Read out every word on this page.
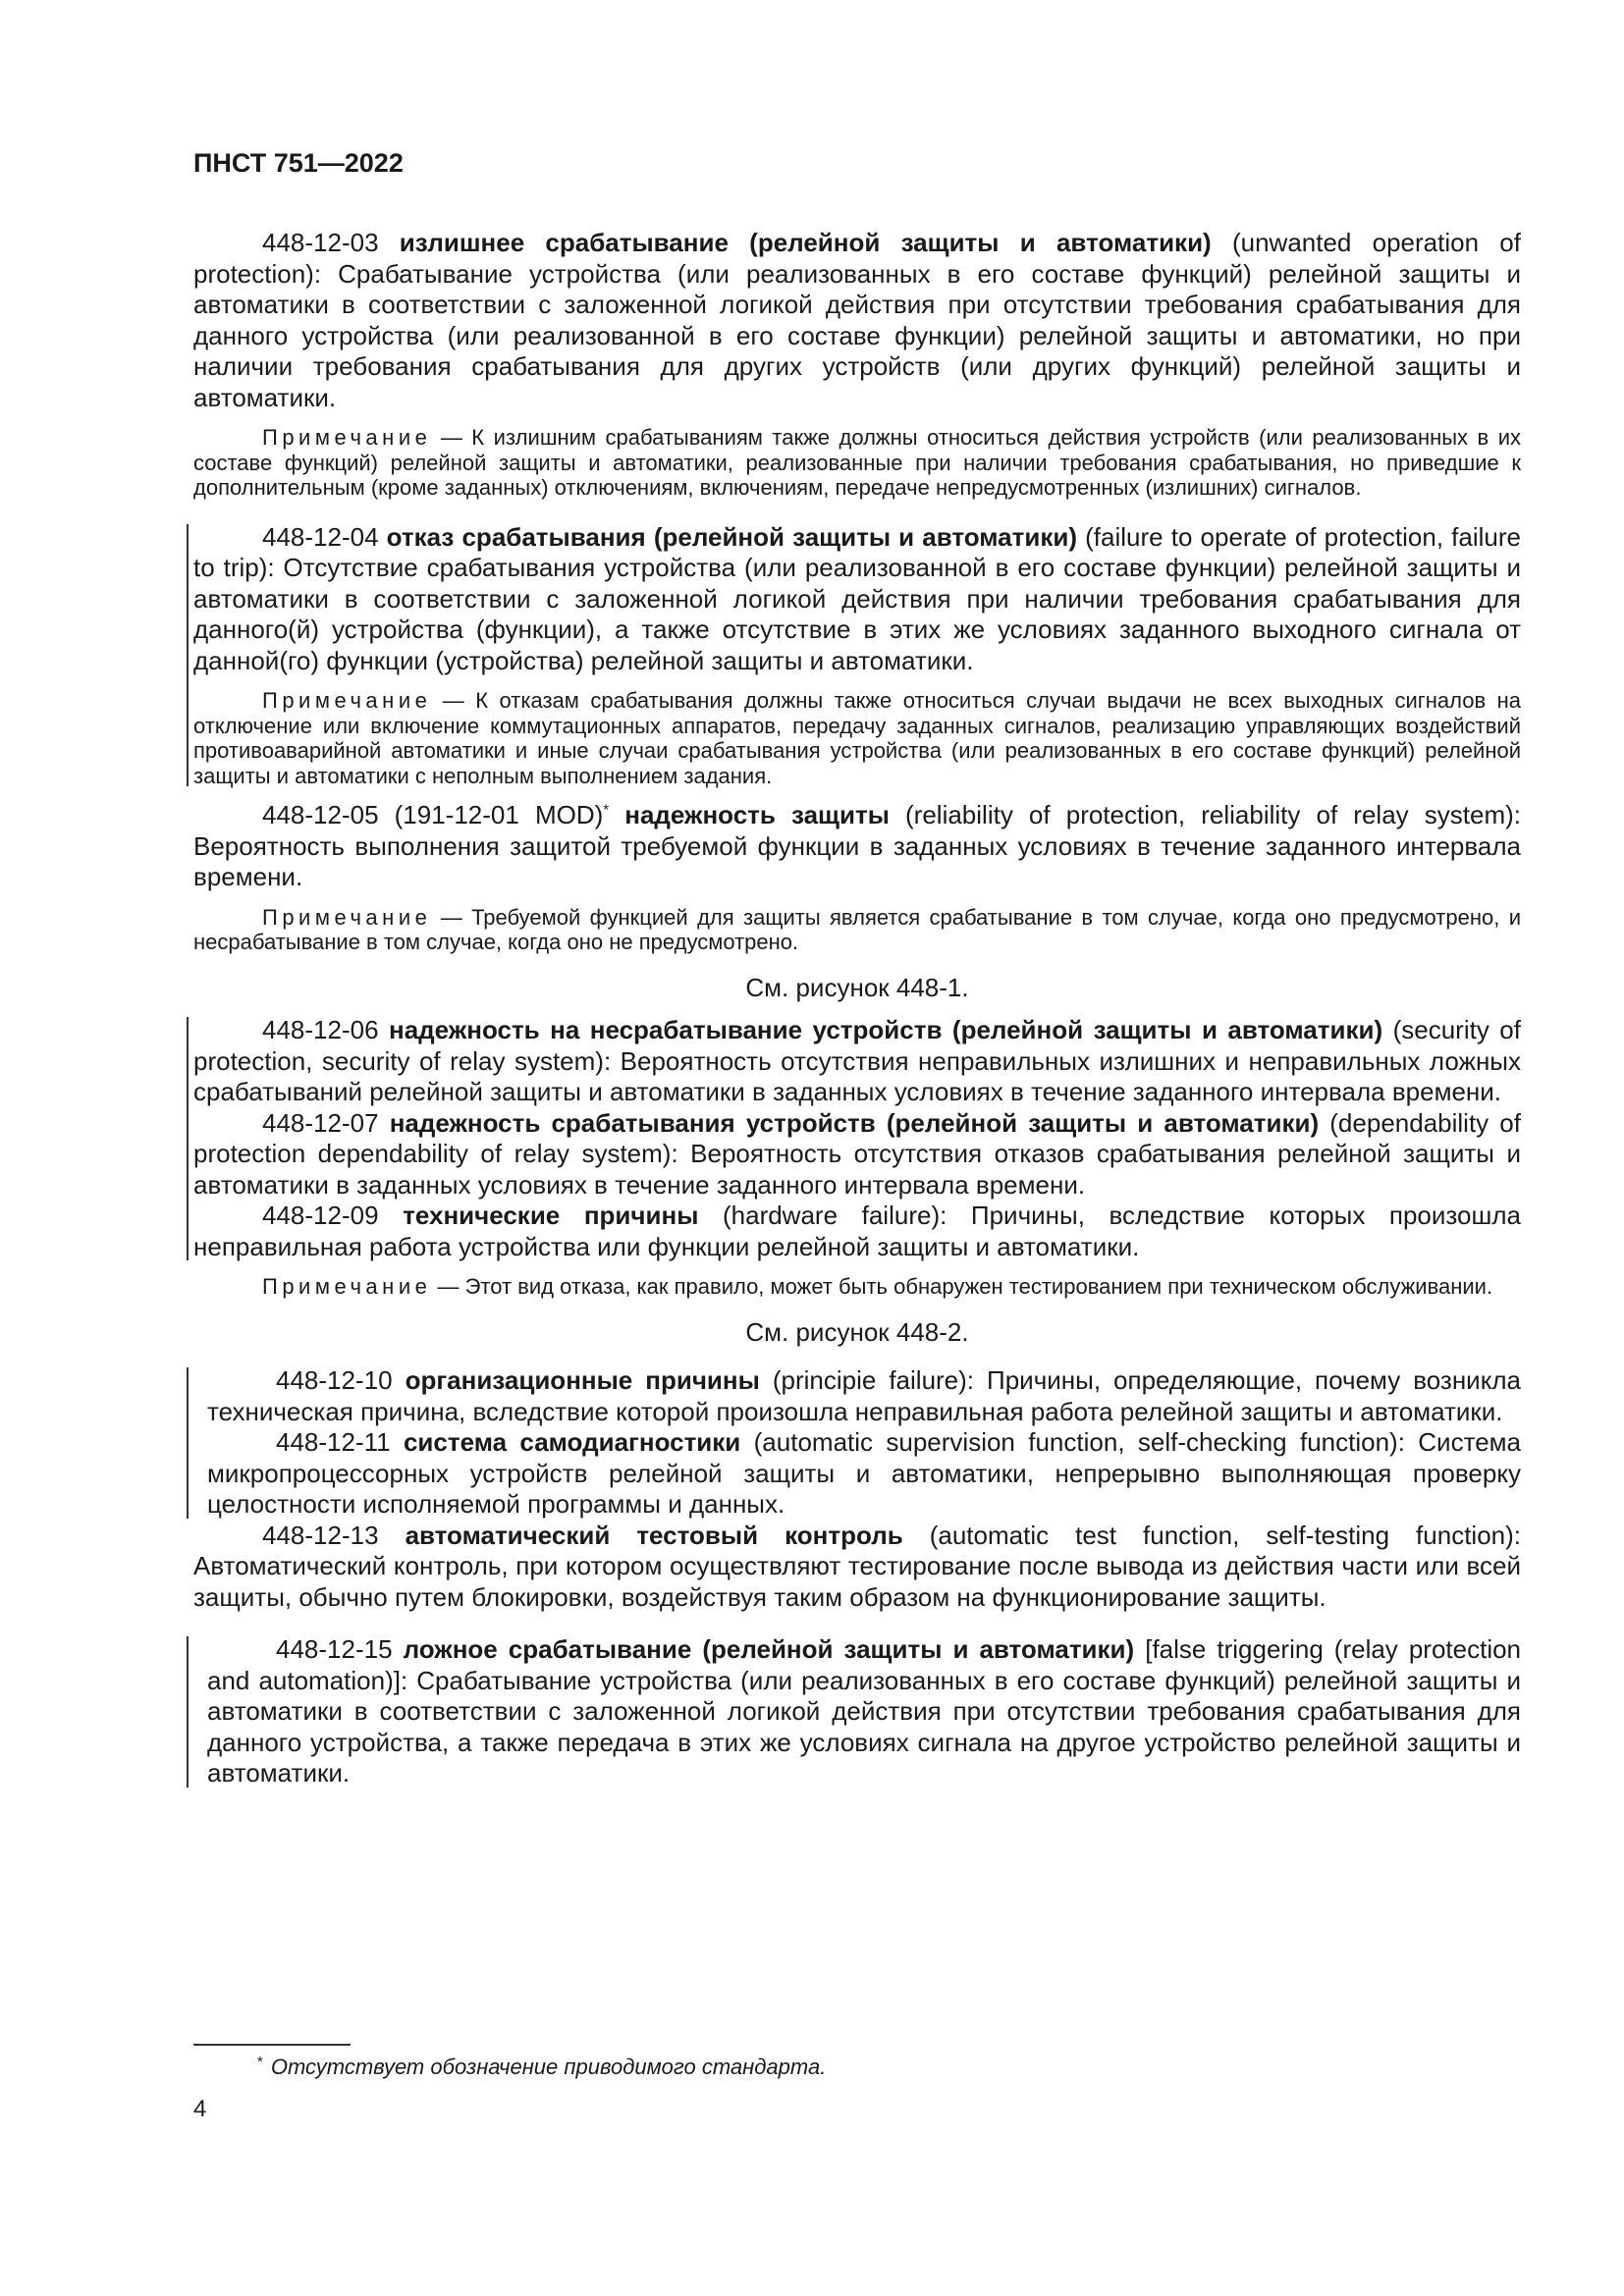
ПНСТ 751—2022

448-12-03 излишнее срабатывание (релейной защиты и автоматики) (unwanted operation of protection): Срабатывание устройства (или реализованных в его составе функций) релейной защиты и автоматики в соответствии с заложенной логикой действия при отсутствии требования срабатывания для данного устройства (или реализованной в его составе функции) релейной защиты и автоматики, но при наличии требования срабатывания для других устройств (или других функций) релейной защиты и автоматики.

Примечание — К излишним срабатываниям также должны относиться действия устройств (или реализованных в их составе функций) релейной защиты и автоматики, реализованные при наличии требования срабатывания, но приведшие к дополнительным (кроме заданных) отключениям, включениям, передаче непредусмотренных (излишних) сигналов.

448-12-04 отказ срабатывания (релейной защиты и автоматики) (failure to operate of protection, failure to trip): Отсутствие срабатывания устройства (или реализованной в его составе функции) релейной защиты и автоматики в соответствии с заложенной логикой действия при наличии требования срабатывания для данного(й) устройства (функции), а также отсутствие в этих же условиях заданного выходного сигнала от данной(го) функции (устройства) релейной защиты и автоматики.

Примечание — К отказам срабатывания должны также относиться случаи выдачи не всех выходных сигналов на отключение или включение коммутационных аппаратов, передачу заданных сигналов, реализацию управляющих воздействий противоаварийной автоматики и иные случаи срабатывания устройства (или реализованных в его составе функций) релейной защиты и автоматики с неполным выполнением задания.

448-12-05 (191-12-01 MOD)* надежность защиты (reliability of protection, reliability of relay system): Вероятность выполнения защитой требуемой функции в заданных условиях в течение заданного интервала времени.

Примечание — Требуемой функцией для защиты является срабатывание в том случае, когда оно предусмотрено, и несрабатывание в том случае, когда оно не предусмотрено.

См. рисунок 448-1.

448-12-06 надежность на несрабатывание устройств (релейной защиты и автоматики) (security of protection, security of relay system): Вероятность отсутствия неправильных излишних и неправильных ложных срабатываний релейной защиты и автоматики в заданных условиях в течение заданного интервала времени.

448-12-07 надежность срабатывания устройств (релейной защиты и автоматики) (dependability of protection dependability of relay system): Вероятность отсутствия отказов срабатывания релейной защиты и автоматики в заданных условиях в течение заданного интервала времени.

448-12-09 технические причины (hardware failure): Причины, вследствие которых произошла неправильная работа устройства или функции релейной защиты и автоматики.

Примечание — Этот вид отказа, как правило, может быть обнаружен тестированием при техническом обслуживании.

См. рисунок 448-2.

448-12-10 организационные причины (principie failure): Причины, определяющие, почему возникла техническая причина, вследствие которой произошла неправильная работа релейной защиты и автоматики.

448-12-11 система самодиагностики (automatic supervision function, self-checking function): Система микропроцессорных устройств релейной защиты и автоматики, непрерывно выполняющая проверку целостности исполняемой программы и данных.

448-12-13 автоматический тестовый контроль (automatic test function, self-testing function): Автоматический контроль, при котором осуществляют тестирование после вывода из действия части или всей защиты, обычно путем блокировки, воздействуя таким образом на функционирование защиты.

448-12-15 ложное срабатывание (релейной защиты и автоматики) [false triggering (relay protection and automation)]: Срабатывание устройства (или реализованных в его составе функций) релейной защиты и автоматики в соответствии с заложенной логикой действия при отсутствии требования срабатывания для данного устройства, а также передача в этих же условиях сигнала на другое устройство релейной защиты и автоматики.

* Отсутствует обозначение приводимого стандарта.
4
